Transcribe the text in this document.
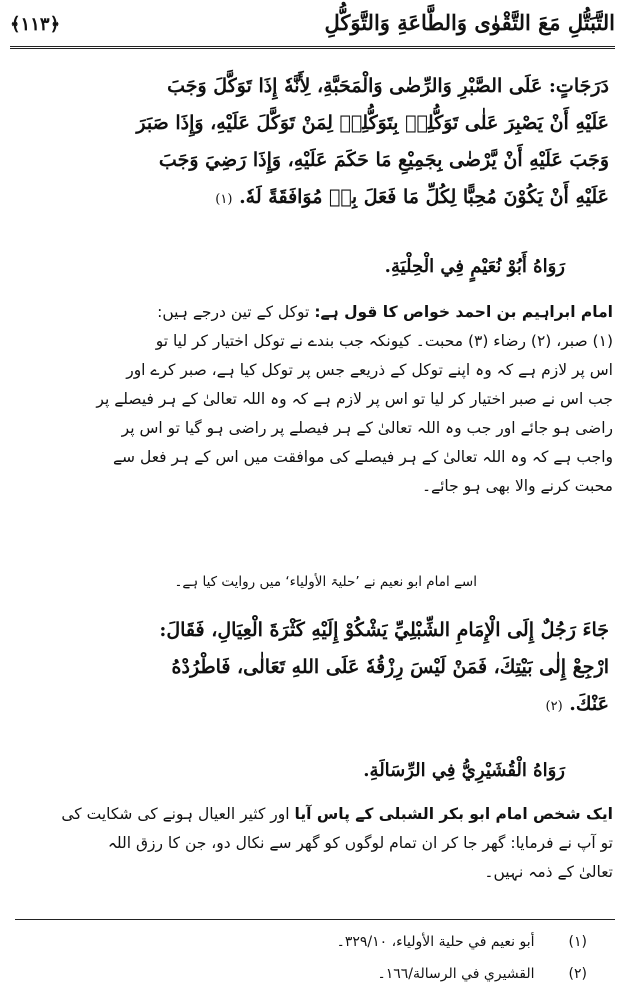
التَّبَتُّلِ مَعَ التَّقْوٰی وَالطَّاعَةِ وَالتَّوَكُّلِ
﴿۱۱۳﴾
دَرَجَاتٍ: عَلَی الصَّبْرِ وَالرِّضٰی وَالْمَحَبَّةِ، لِأَنَّهٗ إِذَا تَوَكَّلَ وَجَبَ
عَلَيْهِ أَنْ يَصْبِرَ عَلٰی تَوَكُّلِهٖ بِتَوَكُّلِهٖ لِمَنْ تَوَكَّلَ عَلَيْهِ، وَإِذَا صَبَرَ
وَجَبَ عَلَيْهِ أَنْ يَّرْضٰی بِجَمِيْعِ مَا حَكَمَ عَلَيْهِ، وَإِذَا رَضِيَ وَجَبَ
عَلَيْهِ أَنْ يَكُوْنَ مُحِبًّا لِكُلِّ مَا فَعَلَ بِهٖ مُوَافَقَةً لَهٗ. (١)
رَوَاهُ أَبُوْ نُعَيْمٍ فِي الْحِلْيَةِ.
امام ابراہیم بن احمد خواص کا قول ہے: توکل کے تین درجے ہیں:
(۱) صبر، (۲) رضاء (۳) محبت۔ کیونکہ جب بندے نے توکل اختیار کر لیا تو
اس پر لازم ہے کہ وہ اپنے توکل کے ذریعے جس پر توکل کیا ہے، صبر کرے اور
جب اس نے صبر اختیار کر لیا تو اس پر لازم ہے کہ وہ اللہ تعالیٰ کے ہر فیصلے پر
راضی ہو جائے اور جب وہ اللہ تعالیٰ کے ہر فیصلے پر راضی ہو گیا تو اس پر
واجب ہے کہ وہ اللہ تعالیٰ کے ہر فیصلے کی موافقت میں اس کے ہر فعل سے
محبت کرنے والا بھی ہو جائے۔
اسے امام ابو نعیم نے ’حلیۃ الأولیاء‘ میں روایت کیا ہے۔
جَاءَ رَجُلٌ إِلَی الْإِمَامِ الشِّبْلِيِّ يَشْكُوْ إِلَيْهِ كَثْرَةَ الْعِيَالِ، فَقَالَ:
ارْجِعْ إِلٰی بَيْتِكَ، فَمَنْ لَيْسَ رِزْقُهٗ عَلَی اللهِ تَعَالٰی، فَاطْرُدْهُ
عَنْكَ. (٢)
رَوَاهُ الْقُشَيْرِيُّ فِي الرِّسَالَةِ.
ایک شخص امام ابو بکر الشبلی کے پاس آیا اور کثیر العیال ہونے کی شکایت کی
تو آپ نے فرمایا: گھر جا کر ان تمام لوگوں کو گھر سے نکال دو، جن کا رزق اللہ
تعالیٰ کے ذمہ نہیں۔
(۱) أبو نعيم في حلية الأولياء، ٣٢٩/١٠۔
(۲) القشيري في الرسالة/١٦٦۔
